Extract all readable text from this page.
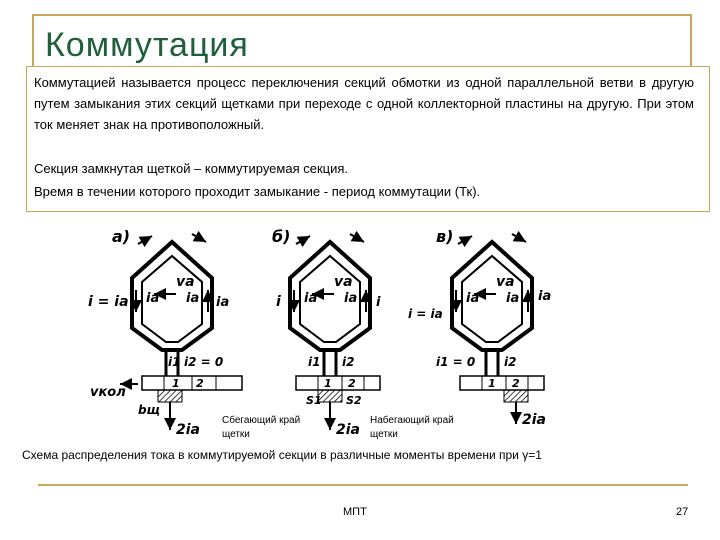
Коммутация
Коммутацией называется процесс переключения секций обмотки из одной параллельной ветви в другую путем замыкания этих секций щетками при переходе с одной коллекторной пластины на другую. При этом ток меняет знак на противоположный.
Секция замкнутая щеткой – коммутируемая секция.
Время в течении которого проходит замыкание - период коммутации (Тк).
а)
vа
i = iа iа iа iа
i1 i2 = 0
1 2
2iа
vкол
bщ
б)
vа
i iа iа i
i1 i2
1 2
2iа
S1 S2
в)
vа
i = iа
iа iа iа
i1 = 0 i2
1 2
2iа
Сбегающий край щетки
Набегающий край щетки
Схема распределения тока в коммутируемой секции в различные моменты времени при γ=1
МПТ	27
